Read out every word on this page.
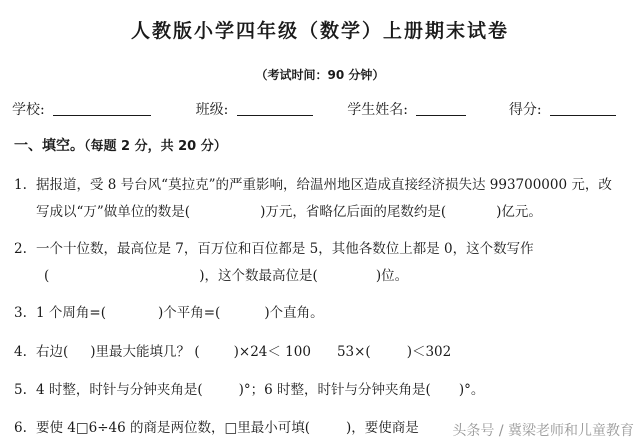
人教版小学四年级（数学）上册期末试卷
（考试时间：90 分钟）
学校:	班级:	学生姓名:	得分:
一、填空。（每题 2 分，共 20 分）
1. 据报道，受 8 号台风“莫拉克”的严重影响，给温州地区造成直接经济损失达 993700000 元，改
写成以“万”做单位的数是(	)万元，省略亿后面的尾数约是(	)亿元。
2. 一个十位数，最高位是 7，百万位和百位都是 5，其他各数位上都是 0，这个数写作
(	)，这个数最高位是(	)位。
3. 1 个周角=(	)个平角=(	)个直角。
4. 右边( )里最大能填几？ (	)×24＜ 100 53×(	)＜302
5. 4 时整，时针与分钟夹角是(	)°；6 时整，时针与分钟夹角是( )°。
6. 要使 4□6÷46 的商是两位数，□里最小可填(	)，要使商是 头条号 / 冀梁老师和儿童教育
